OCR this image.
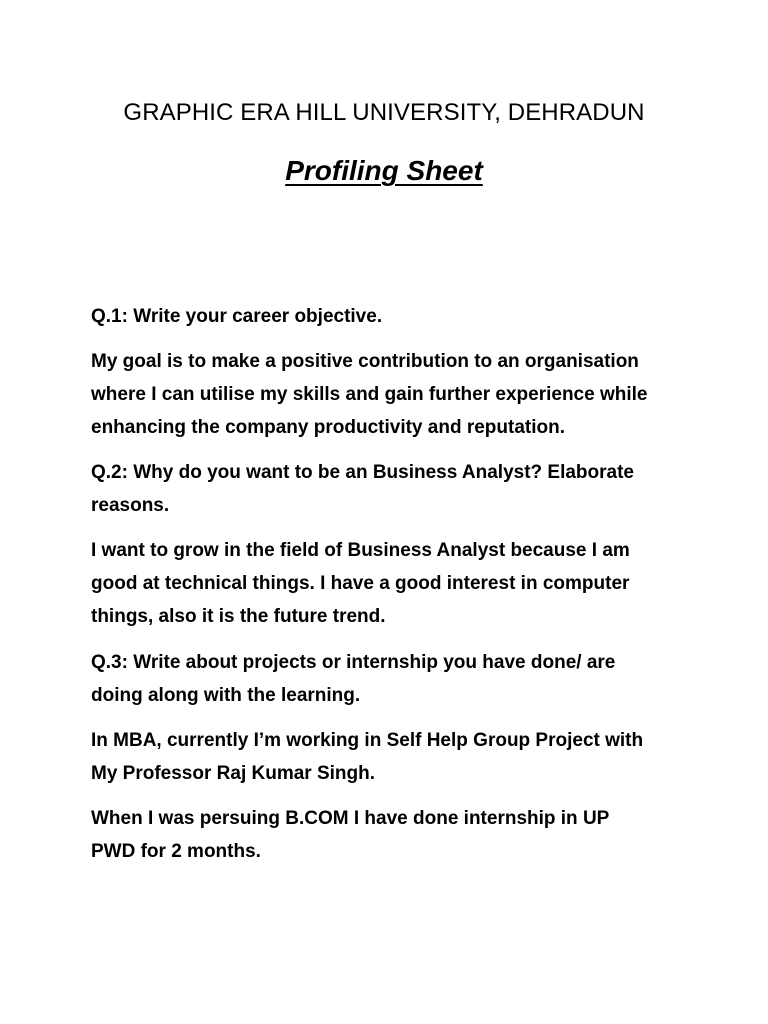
GRAPHIC ERA HILL UNIVERSITY, DEHRADUN
Profiling Sheet
Q.1: Write your career objective.
My goal is to make a positive contribution to an organisation
where I can utilise my skills and gain further experience while
enhancing the company productivity and reputation.
Q.2: Why do you want to be an Business Analyst? Elaborate
reasons.
I want to grow in the field of Business Analyst because I am
good at technical things. I have a good interest in computer
things, also it is the future trend.
Q.3: Write about projects or internship you have done/ are
doing along with the learning.
In MBA, currently I’m working in Self Help Group Project with
My Professor Raj Kumar Singh.
When I was persuing B.COM I have done internship in UP
PWD for 2 months.
